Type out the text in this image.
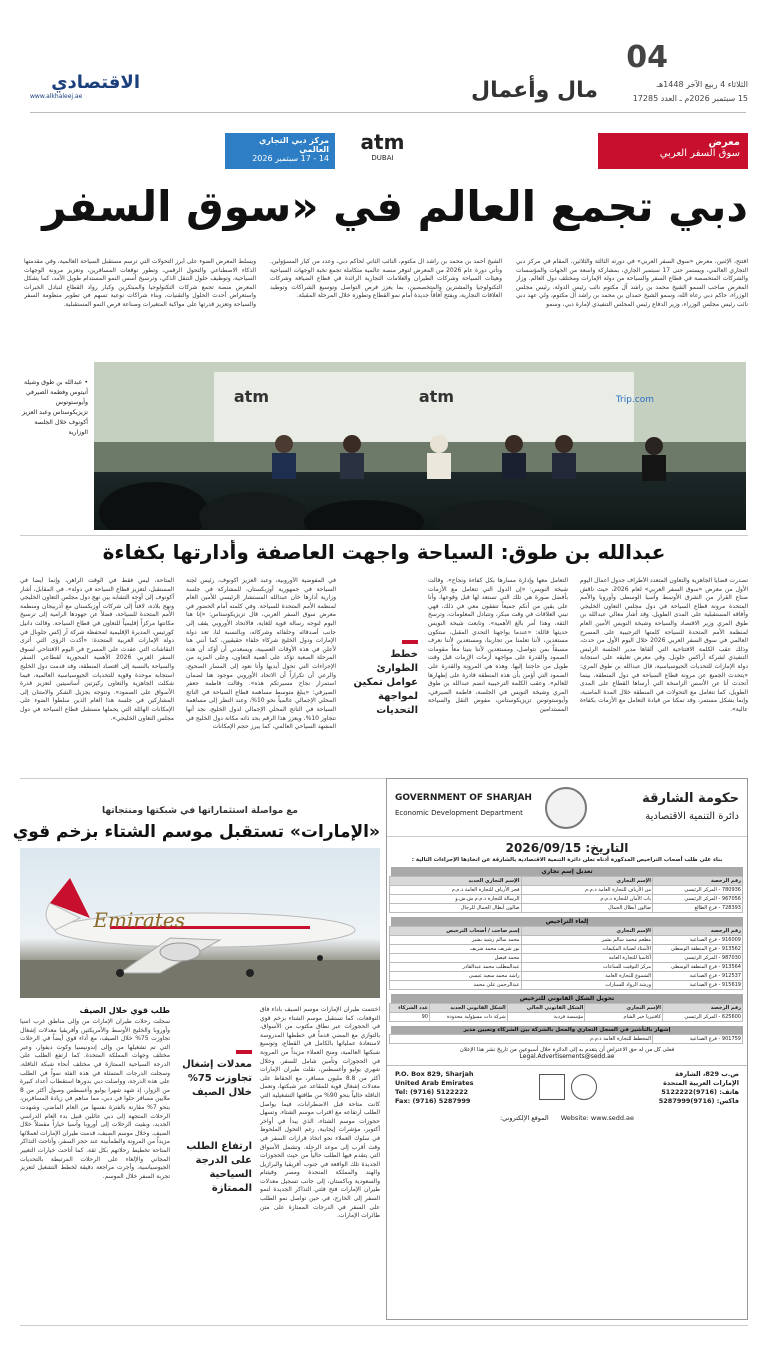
04
الثلاثاء 4 ربيع الآخر 1448هـ
15 سبتمبر 2026م ـ العدد 17285
مال وأعمال
الاقتصادي
www.alkhaleej.ae
معرض
سوق السفر العربي
atm
DUBAI
مركز دبي التجاري العالمي
14 - 17 سبتمبر 2026
دبي تجمع العالم في «سوق السفر
افتتح، الإثنين، معرض «سوق السفر العربي» في دورته الثالثة والثلاثين، المقام في مركز دبي التجاري العالمي، ويستمر حتى 17 سبتمبر الجاري، بمشاركة واسعة من الجهات والمؤسسات والشركات المتخصصة في قطاع السفر والسياحة من دولة الإمارات ومختلف دول العالم. وزار المعرض صاحب السمو الشيخ محمد بن راشد آل مكتوم نائب رئيس الدولة، رئيس مجلس الوزراء، حاكم دبي رعاه الله، وسمو الشيخ حمدان بن محمد بن راشد آل مكتوم، ولي عهد دبي نائب رئيس مجلس الوزراء، وزير الدفاع رئيس المجلس التنفيذي لإمارة دبي، وسمو
الشيخ أحمد بن محمد بن راشد آل مكتوم، النائب الثاني لحاكم دبي، وعدد من كبار المسؤولين. وتأتي دورة عام 2026 من المعرض لتوفر منصة عالمية متكاملة تجمع نخبة الوجهات السياحية وهيئات السياحة وشركات الطيران والعلامات التجارية الرائدة في قطاع الضيافة وشركات التكنولوجيا والمشترين والمتخصصين، بما يعزز فرص التواصل وتوسيع الشراكات وتوطيد العلاقات التجارية، ويفتح آفاقاً جديدة أمام نمو القطاع وتطوره خلال المرحلة المقبلة.
ويسلط المعرض الضوء على أبرز التحولات التي ترسم مستقبل السياحة العالمية، وفي مقدمتها الذكاء الاصطناعي والتحول الرقمي، وتطور توقعات المسافرين، وتعزيز مرونة الوجهات السياحية، وتوظيف حلول التنقل الذكي، وترسيخ أسس النمو المستدام طويل الأمد، كما يشكل المعرض منصة تجمع شركات التكنولوجيا والمبتكرين وكبار رواد القطاع لتبادل الخبرات واستعراض أحدث الحلول والتقنيات، وبناء شراكات نوعية تسهم في تطوير منظومة السفر والسياحة وتعزيز قدرتها على مواكبة المتغيرات وصناعة فرص النمو المستقبلية.
atm	atm	Trip.com
• عبدالله بن طوق وشيلة أنيتوس وفطمة الصيرفي وأيوستوتوس تزيزيكوستاس وعبد العزيز أكونوف خلال الجلسة الوزارية
عبدالله بن طوق: السياحة واجهت العاصفة وأدارتها بكفاءة
تصدرت قضايا الجاهزية والتعاون المتعدد الأطراف جدول أعمال اليوم الأول من معرض «سوق السفر العربي» لعام 2026، حيث ناقش صناع القرار من الشرق الأوسط وآسيا الوسطى وأوروبا والأمم المتحدة مرونة قطاع السياحة في دول مجلس التعاون الخليجي وآفاقه المستقبلية على المدى الطويل. وقد أشار معالي عبدالله بن طوق المري وزير الاقتصاد والسياحة وشيخة النويس الأمين العام لمنظمة الأمم المتحدة للسياحة كلمتها الترحيبية على المسرح العالمي في سوق السفر العربي 2026 خلال اليوم الأول من حدث، وذلك عقب الكلمة الافتتاحية التي ألقاها مدير الجلسة الرئيس التنفيذي لشركة أراكس جلوبل. وفي معرض تعليقه على استجابة دولة الإمارات للتحديات الجيوسياسية، قال عبدالله بن طوق المري: «يتحدث الجميع عن مرونة قطاع السياحة في دول المنطقة، بينما أتحدث أنا عن الأسس الراسخة التي أرساها القطاع على المدى الطويل، كما نتعامل مع التحولات في المنطقة خلال المدة الماضية، وإنما بشكل مستمر، وقد تمكنا من قيادة التعامل مع الأزمات بكفاءة عالية».
التعامل معها وإدارة مسارها بكل كفاءة ونجاح». وقالت شيخة النويس: «إن الدول التي تتعامل مع الأزمات بأفضل صورة هي تلك التي تستعد لها قبل وقوعها، وأنا على يقين من أنكم جميعاً تتفقون معي في ذلك، فهي تبني العلاقات في وقت مبكر، وتتبادل المعلومات، وترسخ الثقة، وهذا أمر بالغ الأهمية». وتابعت شيخة النويس حديثها قائلة: «عندما يواجهنا التحدي المقبل، ستكون مستعدين، لأننا تعلمنا من تجاربنا، ومستعدين لأننا نعرف مسبقاً بمن نتواصل، ومستعدين لأننا بنينا معاً مقومات الصمود والقدرة على مواجهة أزمات الإزمات قبل وقت طويل من حاجتنا إليها. وهذه هي المرونة والقدرة على الصمود التي أؤمن بأن هذه المنطقة قادرة على إظهارها للعالم». وعقب الكلمة الترحيبية انضم عبدالله بن طوق المري وشيخة النويس في الجلسة، فاطمة الصيرفي، وأيوستوتوس تزيزيكوستاس، مفوض النقل والسياحة المستدامين
خطط الطوارئ عوامل تمكين لمواجهة التحديات
في المفوضية الأوروبية، وعبد العزيز أكونوف، رئيس لجنة السياحة في جمهورية أوزبكستان، للمشاركة في جلسة وزارية أدارها خان عبدالله المستشار الرئيسي للأمين العام لمنظمة الأمم المتحدة للسياحة. وفي كلمته أمام الحضور في معرض سوق السفر العربي، قال تزيزيكوستاس: «إنا هنا اليوم لنوجه رسالة قوية للغاية، فالاتحاد الأوروبي يقف إلى جانب أصدقائه وحلفائه وشركائه، وبالنسبة لنا، تعد دولة الإمارات ودول الخليج شركاء حلفاء حقيقيين، كما أنني هنا لأعلن في هذه الأوقات العصيبة، ويسعدني أن أؤكد أن هذه المرحلة الصعبة تؤكد على أهمية التعاون، وعلى المزيد من الإجراءات التي تحول أيديها وأنا نعود إلى المسار الصحيح، والرعي أن تكراراً أن الاتحاد الأوروبي موجود هنا لضمان استمرار نجاح مسيرتكم هذه». وقالت فاطمة جعفر الصيرفي: «يبلغ متوسط مساهمة قطاع السياحة في الناتج المحلي الإجمالي عالمياً نحو 10%، وعند النظر إلى مساهمة السياحة في الناتج المحلي الإجمالي لدول الخليج، نجد أنها تتجاوز 10%، ويعزز هذا الرقم بحد ذاته مكانة دول الخليج في المشهد السياحي العالمي، كما يبرز حجم الإمكانات
المتاحة، ليس فقط في الوقت الراهن، وإنما أيضاً في المستقبل، لتعزيز قطاع السياحة في دولة». في المقابل، أشار أكونوف إلى أوجه التشابه بين نهج دول مجلس التعاون الخليجي ونهج بلاده، لافتاً إلى شركات أوزبكستان مع أذربيجان ومنظمة الأمم المتحدة للسياحة، فضلاً عن جهودها الرامية إلى ترسيخ مكانتها مركزاً إقليمياً للتعاون في قطاع السياحة. وقالت دانيل كورتيس، المديرة الإقليمية لمحفظة شركة آر إكس جلوبال في دولة الإمارات العربية المتحدة: «أكدت الرؤى التي أثرى النقاشات التي عقدت على المسرح في اليوم الافتتاحي لسوق السفر العربي 2026 الأهمية المحورية لقطاعي السفر والسياحة بالنسبة إلى اقتصاد المنطقة، وقد قدمت دول الخليج استجابة موحدة وقوية للتحديات الجيوسياسية العالمية، فيما شكلت الجاهزية والتعاون ركيزتين أساسيتين لتعزيز قدرة الأسواق على الصمود». وتتوجه بجزيل الشكر والامتنان إلى المشاركين في جلسة هذا العام الذين سلطوا الضوء على الإمكانات الهائلة التي يحملها مستقبل قطاع السياحة في دول مجلس التعاون الخليجي».
حكومة الشارقة
دائرة التنمية الاقتصادية
GOVERNMENT OF SHARJAH
Economic Development Department
التاريخ: 2026/09/15
بناء على طلب أصحاب التراخيص المذكورة أدناه تعلن دائرة التنمية الاقتصادية بالشارقة عن اتخاذها الإجراءات التالية :
تعديل إسم تجاري
رقم الرخصة	الإسم التجاري	الإسم التجاري الجديد
780936 - المركز الرئيسي	من الأرياف للتجارة العامة ذ.م.م	فجر الأرياف للتجارة العامة ذ.م.م
967056 - المركز الرئيسي	باب الأمان للتجارة ذ.م.م	الرسالة للتجارة ذ.م.م ش.ش.و
728393 - فرع الطالع	صالون أبطال الجمال	صالون أبطال الجمال للرجال
إلغاء التراخيص
رقم الرخصة	الإسم التجاري	إسم صاحب / أصحاب الترخيص
916009 - فرع الصناعية	مطعم محمد سالم بشير	محمد سالم رشيد بشير
913562 - فرع المنطقة الوسطى	الأستاذ لصيانة المكيفات	نور شريف محمد شريف
987030 - المركز الرئيسي	أكاسيا للتجارة العامة	محمد فيصل
913564 - فرع المنطقة الوسطى	مركز التوقيت للساعات	عبدالمطلب محمد عبدالقادر
912537 - فرع الصناعية	الشموع للتجارة العامة	راشد محمد سعيد عيسى
915619 - فرع الصناعية	ورشة الرواد للسيارات	عبدالرحمن علي محمد
تحويل الشكل القانوني للترخيص
رقم الرخصة	الإسم التجاري	الشكل القانوني الحالي	الشكل القانوني الجديد	عدد الشركاء
625600 - المركز الرئيسي	كافتيريا خير الشام	مؤسسة فردية	شركة ذات مسؤولية محدودة	90
إشهار بالتأشير في السجل التجاري والمحل بالشركة بين الشركاء وتعيين مدير
901759 - فرع الصناعية	المخطط للتجارة العامة ذ.م.م
فعلى كل من له حق الاعتراض أن يتقدم به إلى الدائرة خلال أسبوعين من تاريخ نشر هذا الإعلان
Legal.Advertisements@sedd.ae
ص.ب 829، الشارقة
الإمارات العربية المتحدة
هاتف: (9716)5122222
فاكس: (9716)5287999
P.O. Box 829, Sharjah
United Arab Emirates
Tel: (9716) 5122222
Fax: (9716) 5287999
Website: www.sedd.ae الموقع الإلكتروني:
مع مواصلة استثماراتها في شبكتها ومنتجاتها
«الإمارات» تستقبل موسم الشتاء بزخم قوي
Emirates
اختتمت طيران الإمارات موسم الصيف بأداء فاق التوقعات، كما تستقبل موسم الشتاء بزخم قوي في الحجوزات عبر نطاق مكتوب من الأسواق، بالتوازي مع المضي قدماً في خططها المدروسة لاستعادة عملياتها بالكامل في القطاع، وتوسيع شبكتها العالمية، ومنح العملاء مزيداً من المرونة في الحجوزات وتأمين شامل للسفر. وخلال شهري يوليو وأغسطس، نقلت طيران الإمارات أكثر من 8.8 مليون مسافر، مع الحفاظ على معدلات إشغال قوية للمقاعد عبر شبكتها، وتعمل الناقلة حالياً بنحو 90% من طاقتها التشغيلية التي كانت متاحة قبل الاضطرابات، فيما يواصل الطلب ارتفاعه مع اقتراب موسم الشتاء. وتسهل حجوزات موسم الشتاء، الذي يبدأ في أواخر أكتوبر، مؤشرات إيجابية، رغم التحول الملحوظ في سلوك العملاء نحو اتخاذ قرارات السفر في وقت أقرب إلى موعد الرحلة. وتشمل الأسواق التي يتقدم فيها الطلب حالياً من حيث الحجوزات الجديدة تلك الواقعة في جنوب أفريقيا والبرازيل والهند والمملكة المتحدة ومصر وفيتنام والسعودية وباكستان، إلى جانب تسجيل معدلات طيران الإمارات فتح فئتي التذاكر الجديدة لنمو السفر إلى الخارج، في حين تواصل نمو الطلب على السفر في الدرجات الممتازة على متن طائرات الإمارات.
معدلات إشغال تجاوزت 75% خلال الصيف
ارتفاع الطلب على الدرجة السياحية الممتازة
طلب قوي خلال الصيف
سجلت رحلات طيران الإمارات من وإلى مناطق غرب آسيا وأوروبا والخليج الأوسط والأمريكتين وأفريقيا معدلات إشغال تجاوزت 75% خلال الصيف، مع أداء قوي أيضاً في الرحلات التي تم تشغيلها من وإلى إندونيسيا وكوت ديفوار، وعبر مختلف وجهات المملكة المتحدة. كما ارتفع الطلب على الدرجة السياحية الممتازة في مختلف أنحاء شبكة الناقلة، وسجلت الدرجات المتمثلة في هذه الفئة نمواً في الطلب على هذه الدرجة، وواصلت دبي بدورها استقطاب أعداد كبيرة من الزوار، إذ شهد شهرا يوليو وأغسطس وصول أكثر من 8 ملايين مسافر حلوا في دبي، مما ساهم في زيادة المسافرين، بنحو 7% مقارنة بالفترة نفسها من العام الماضي. وشهدت الرحلات المتجهة إلى دبي عائلين قبيل بدء العام الدراسي الجديد، وبقيت الرحلات إلى أوروبا وآسيا خياراً مفضلاً خلال الصيف. وخلال موسم الصيف، قدمت طيران الإمارات لعملائها مزيداً من المرونة والطمأنينة عند حجز السفر، وأتاحت التذاكر المتاحة تخطيط رحلاتهم بكل ثقة. كما أتاحت خيارات التغيير المجاني والإلغاء على الرحلات المرتبطة بالتحديات الجيوسياسية، وأجرت مراجعة دقيقة لخطط التشغيل لتعزيز تجربة السفر خلال الموسم.
